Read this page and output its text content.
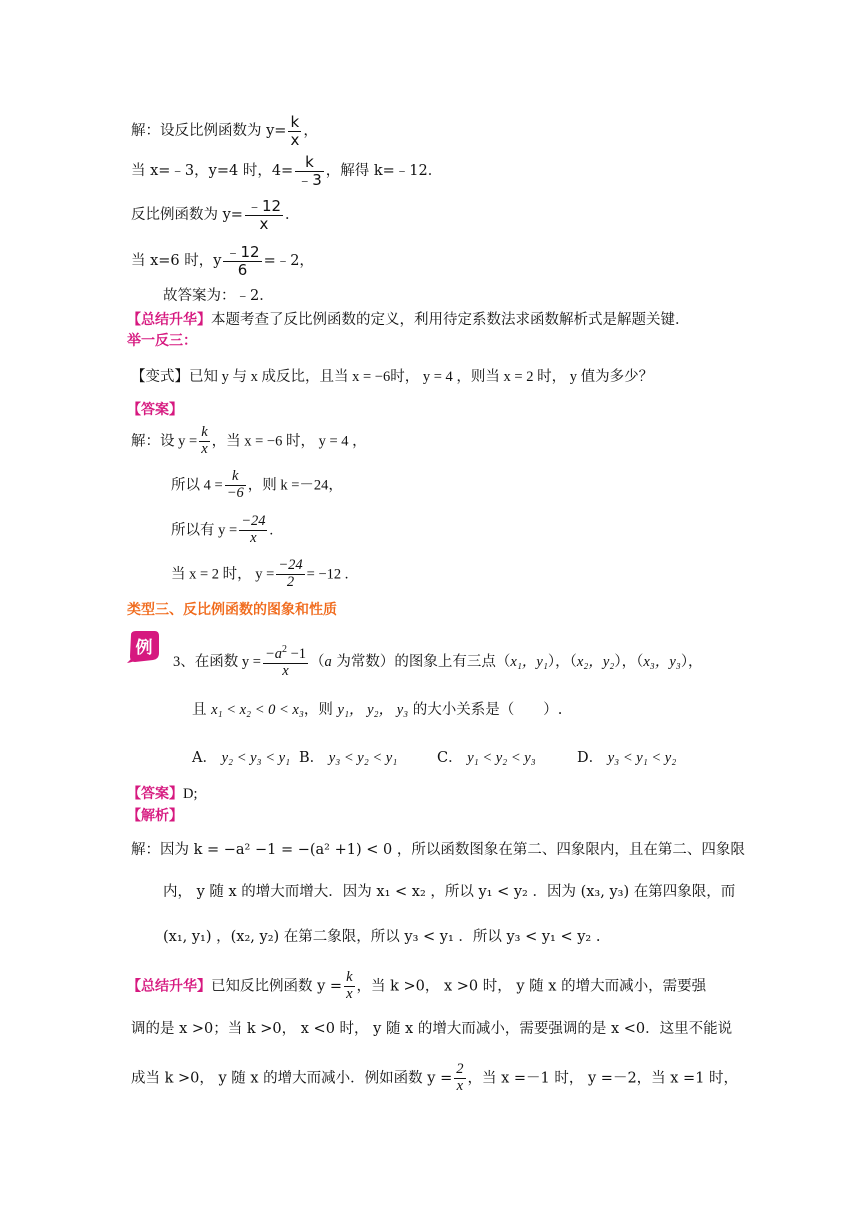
解：设反比例函数为 $y= \frac{k}{x}$ ，
当 x=﹣3，y=4 时，$4= \frac{k}{﹣3}$ ，解得 k=﹣12．
反比例函数为 $y= \frac{﹣12}{x}$ ．
当 x=6 时，y $\frac{﹣12}{6}$ =﹣2，
故答案为：﹣2．
【总结升华】本题考查了反比例函数的定义，利用待定系数法求函数解析式是解题关键．
举一反三：
【变式】已知 y 与 x 成反比，且当 x = −6时， y = 4 ，则当 x = 2 时， y 值为多少？
【答案】
解：设 $y = \frac{k}{x}$ ，当 x = −6 时， y = 4 ，
所以 $4 = \frac{k}{-6}$ ，则 k =－24，
所以有 $y = \frac{-24}{x}$ .
当 x = 2 时， $y = \frac{-24}{2} = -12$ .
类型三、反比例函数的图象和性质
例
3、在函数 $y = \frac{-a^2 -1}{x} (a$ 为常数）的图象上有三点（x₁，y₁），（x₂，y₂），（x₃，y₃），
且 x₁ < x₂ < 0 < x₃，则 y₁， y₂， y₃ 的大小关系是（　　）.
A． y₂ < y₃ < y₁ B． y₃ < y₂ < y₁	C． y₁ < y₂ < y₃	D． y₃ < y₁ < y₂
【答案】D;
【解析】
解：因为 k = −a² −1 = −(a² +1) < 0 ，所以函数图象在第二、四象限内，且在第二、四象限
内， y 随 x 的增大而增大．因为 x₁ < x₂ ，所以 y₁ < y₂ ．因为 (x₃, y₃) 在第四象限，而
(x₁, y₁) ，(x₂, y₂) 在第二象限，所以 y₃ < y₁ ．所以 y₃ < y₁ < y₂ .
【总结升华】已知反比例函数 $y = \frac{k}{x}$ ，当 k >0， x >0 时， y 随 x 的增大而减小，需要强
调的是 x >0；当 k >0， x <0 时， y 随 x 的增大而减小，需要强调的是 x <0．这里不能说
成当 k >0， y 随 x 的增大而减小．例如函数 $y = \frac{2}{x}$ ，当 x =－1 时， y =－2，当 x =1 时，
